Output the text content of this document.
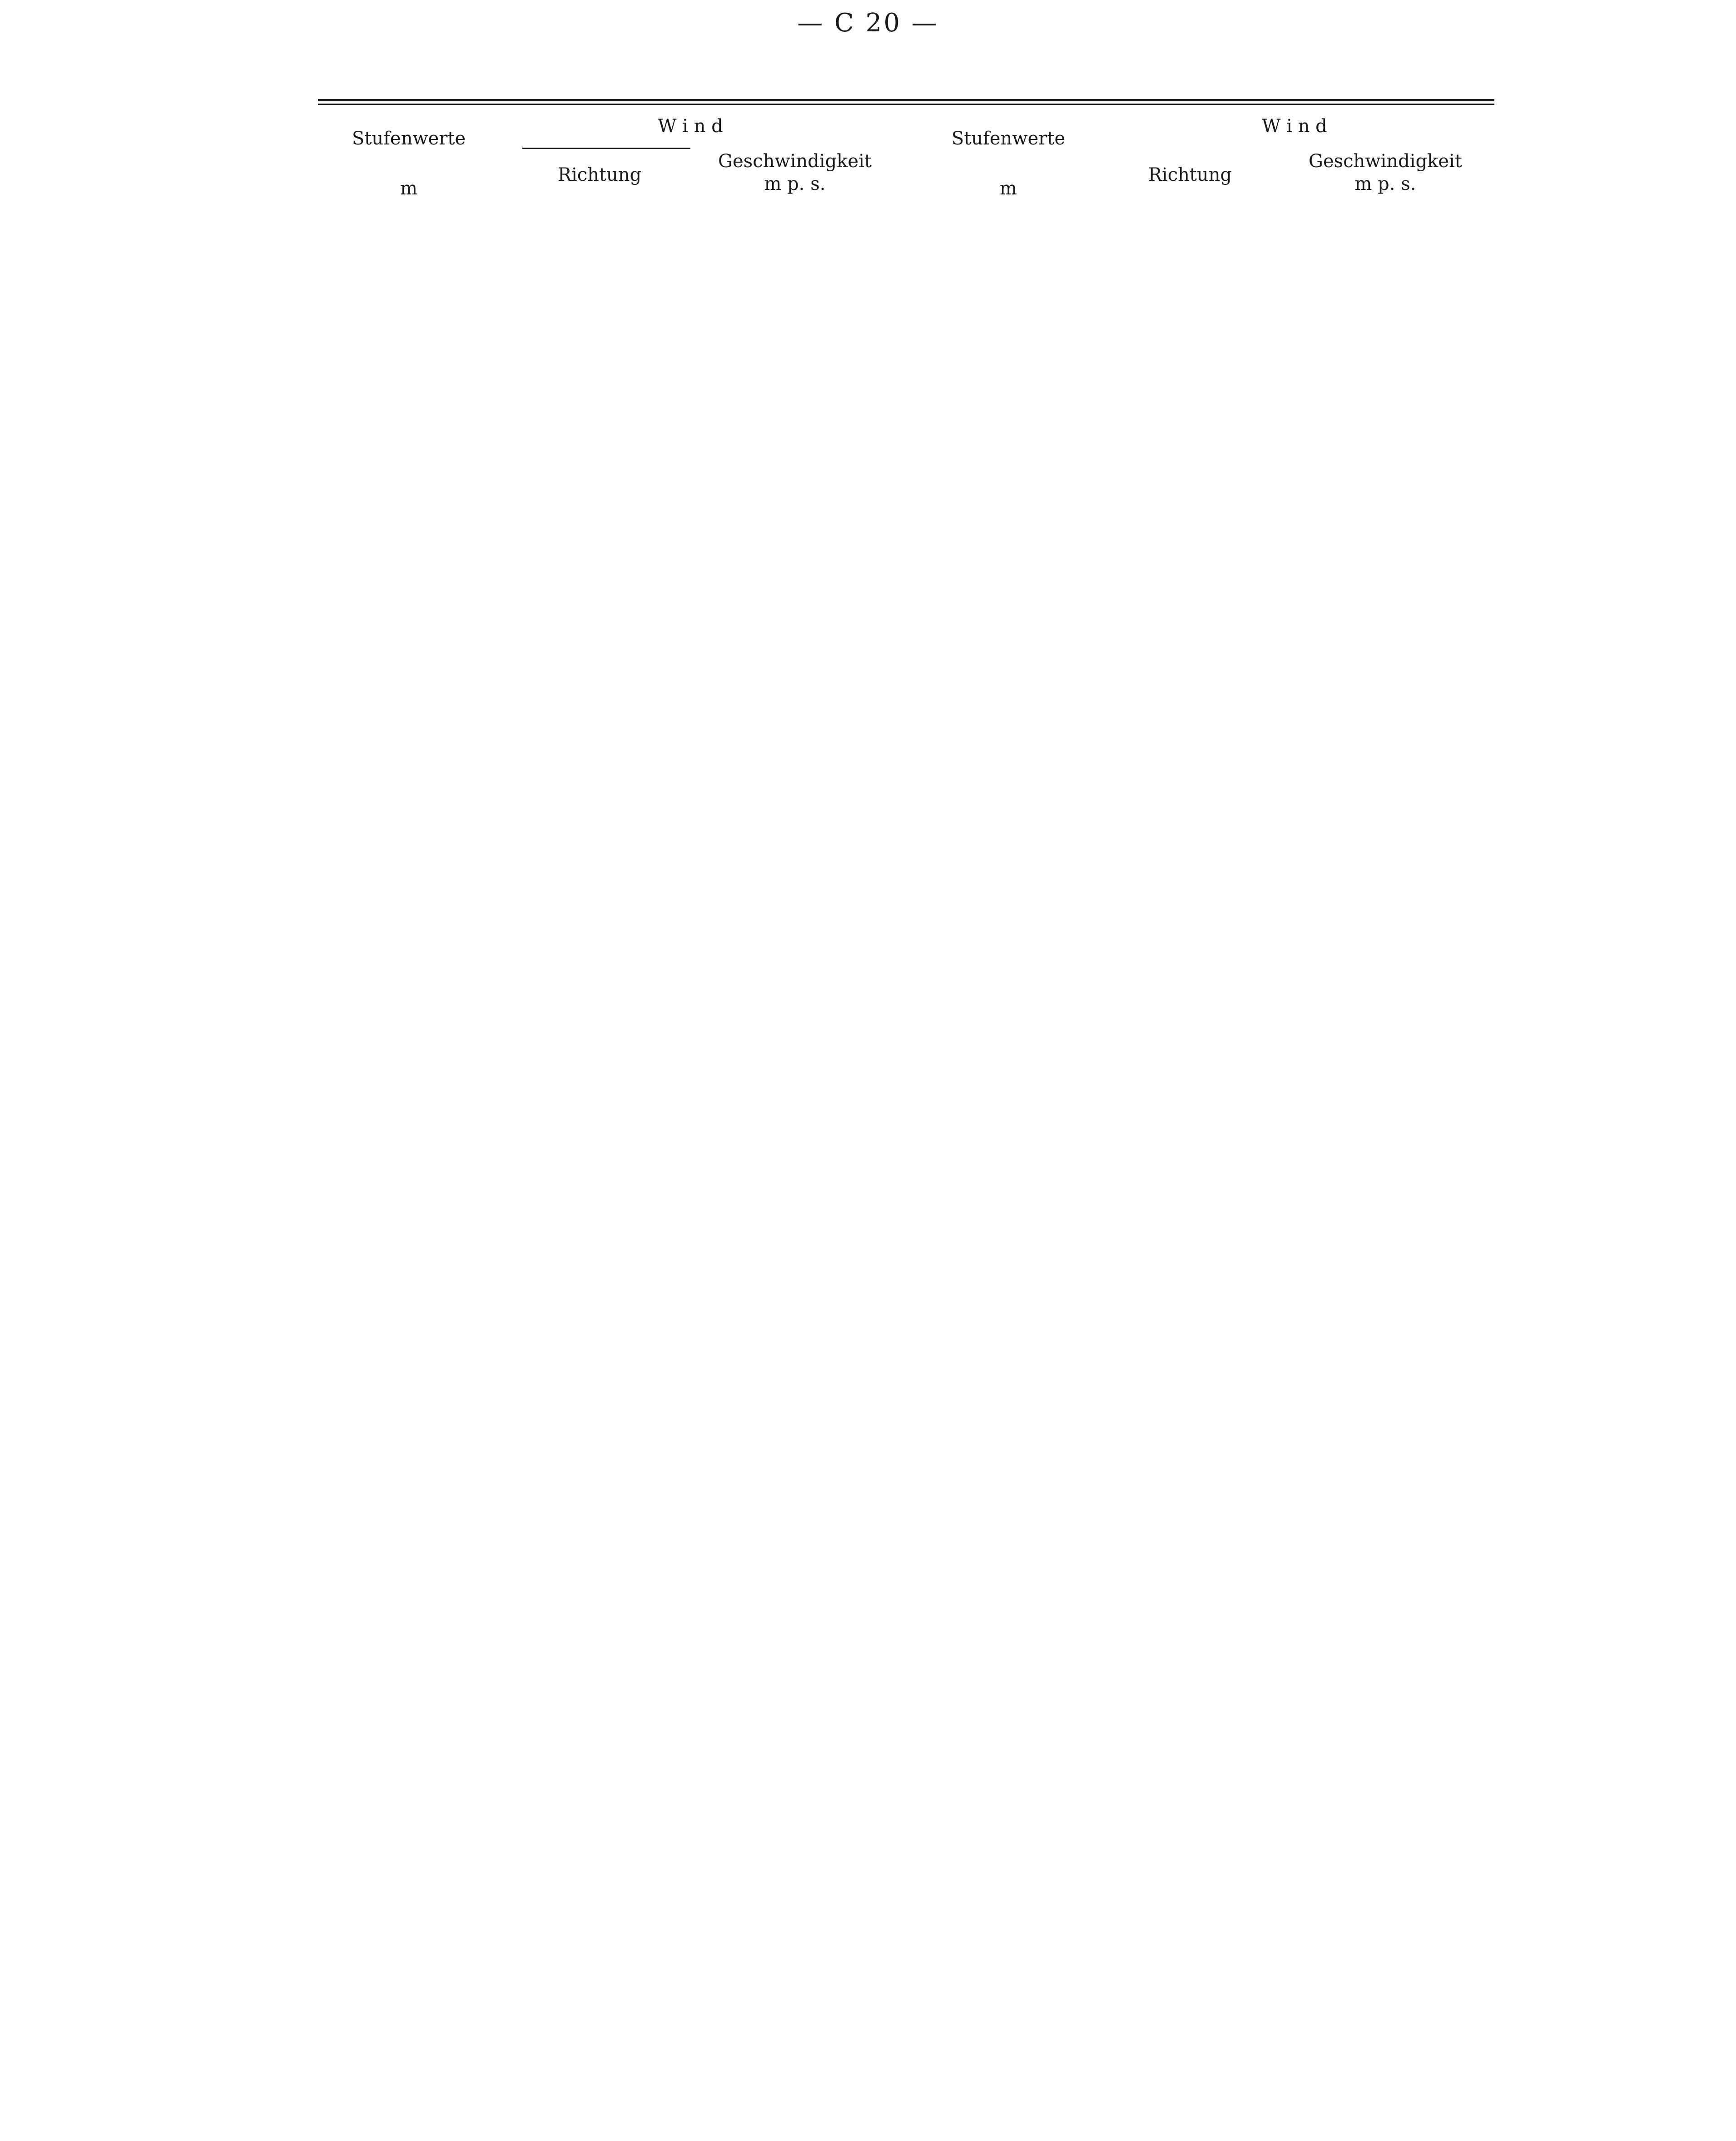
— C 20 —
Stufenwerte
m
W i n d
Richtung
Geschwindigkeit
m p. s.
Stufenwerte
m
W i n d
Richtung
Geschwindigkeit
m p. s.
